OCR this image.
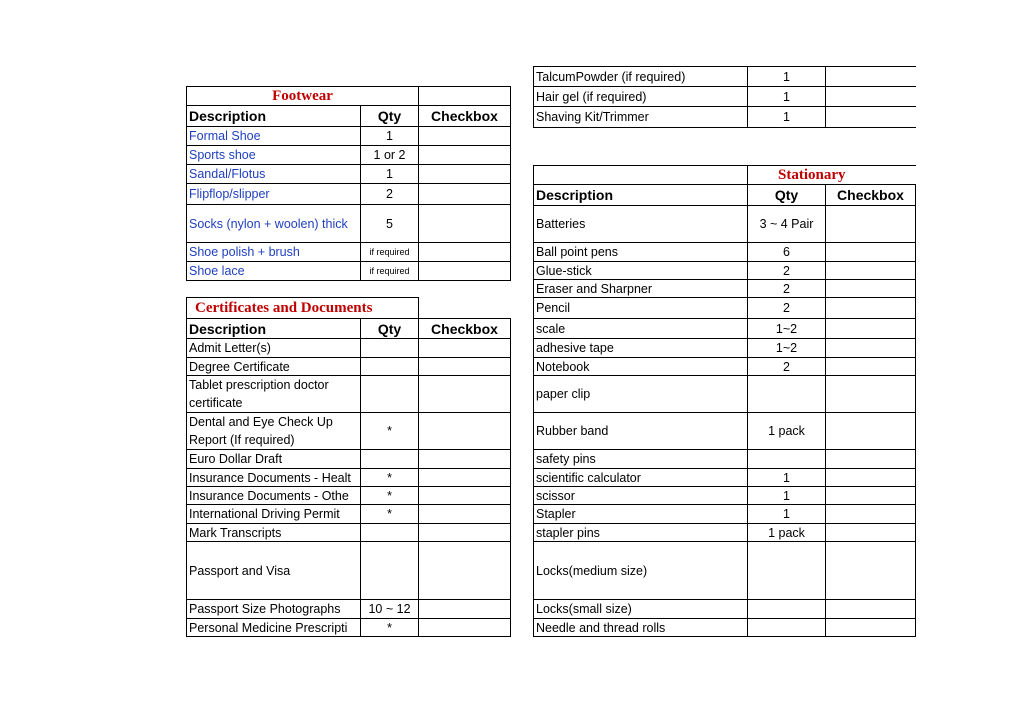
Footwear		
Description	Qty	Checkbox
Formal Shoe	1	
Sports shoe	1 or 2	
Sandal/Flotus	1	
Flipflop/slipper	2	
Socks (nylon + woolen) thick	5	
Shoe polish + brush	if required	
Shoe lace	if required	
Certificates and Documents		
Description	Qty	Checkbox
Admit Letter(s)		
Degree Certificate		
Tablet prescription doctor certificate		
Dental and Eye Check Up Report (If required)	*	
Euro Dollar Draft		
Insurance Documents - Healt	*	
Insurance Documents - Othe	*	
International Driving Permit	*	
Mark Transcripts		
Passport and Visa		
Passport Size Photographs	10 ~ 12	
Personal Medicine Prescripti	*	
TalcumPowder (if required)	1	
Hair gel (if required)	1	
Shaving Kit/Trimmer	1	
	Stationary	
Description	Qty	Checkbox
Batteries	3 ~ 4 Pair	
Ball point pens	6	
Glue-stick	2	
Eraser and Sharpner	2	
Pencil	2	
scale	1~2	
adhesive tape	1~2	
Notebook	2	
paper clip		
Rubber band	1 pack	
safety pins		
scientific calculator	1	
scissor	1	
Stapler	1	
stapler pins	1 pack	
Locks(medium size)		
Locks(small size)		
Needle and thread rolls		
